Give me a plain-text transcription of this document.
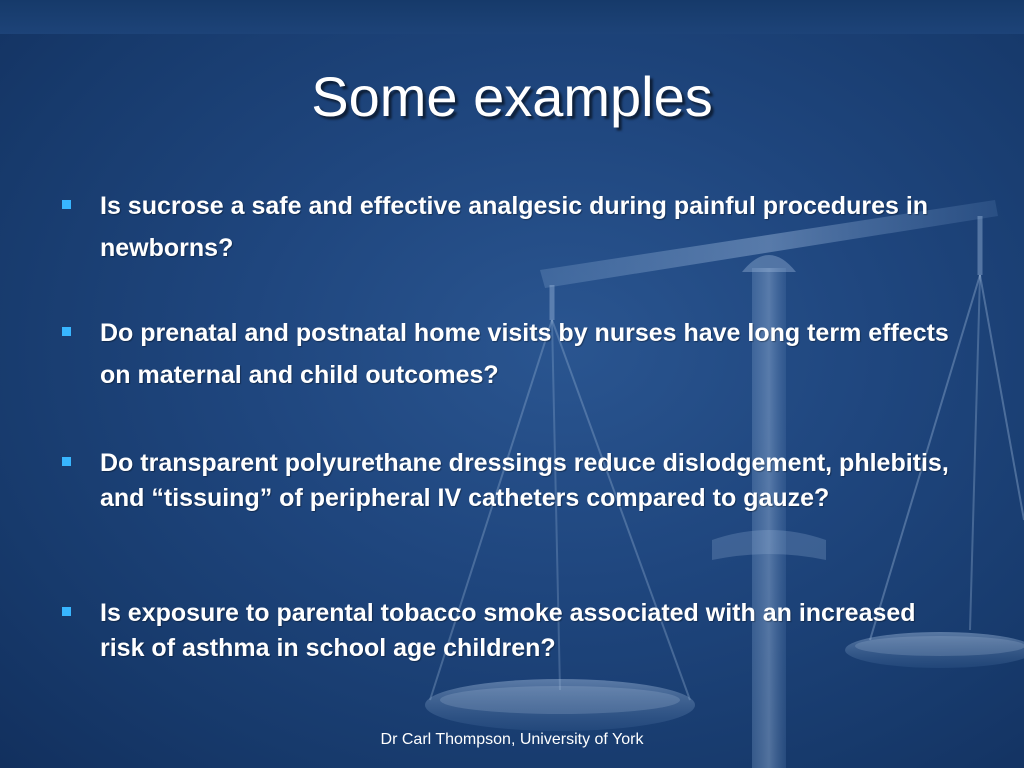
Some examples
Is sucrose a safe and effective analgesic during painful procedures in newborns?
Do prenatal and postnatal home visits by nurses have long term effects on maternal and child outcomes?
Do transparent polyurethane dressings reduce dislodgement, phlebitis, and “tissuing” of peripheral IV catheters compared to gauze?
Is exposure to parental tobacco smoke associated with an increased risk of asthma in school age children?
Dr Carl Thompson, University of York
